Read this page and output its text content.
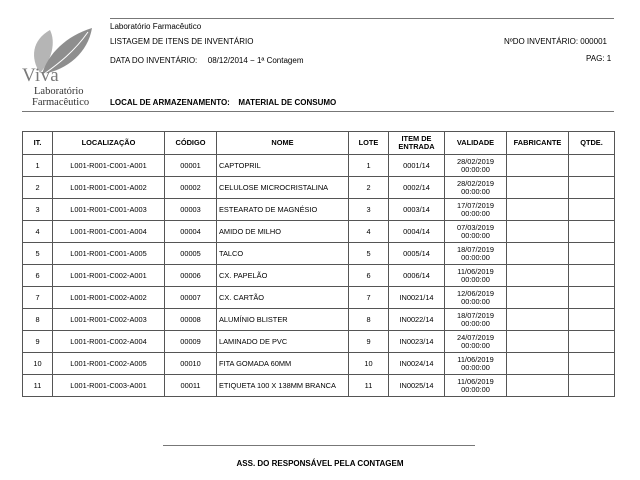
Viva
Laboratório
Farmacêutico
Laboratório Farmacêutico
LISTAGEM DE ITENS DE INVENTÁRIO
DATA DO INVENTÁRIO: 08/12/2014 − 1ª Contagem
NºDO INVENTÁRIO: 000001
PAG: 1
LOCAL DE ARMAZENAMENTO: MATERIAL DE CONSUMO
IT.	LOCALIZAÇÃO	CÓDIGO	NOME	LOTE	ITEM DE ENTRADA	VALIDADE	FABRICANTE	QTDE.
1	L001-R001-C001-A001	00001	CAPTOPRIL	1	0001/14	28/02/2019
00:00:00		

2	L001-R001-C001-A002	00002	CELULOSE MICROCRISTALINA	2	0002/14	28/02/2019
00:00:00		

3	L001-R001-C001-A003	00003	ESTEARATO DE MAGNÉSIO	3	0003/14	17/07/2019
00:00:00		

4	L001-R001-C001-A004	00004	AMIDO DE MILHO	4	0004/14	07/03/2019
00:00:00		

5	L001-R001-C001-A005	00005	TALCO	5	0005/14	18/07/2019
00:00:00		

6	L001-R001-C002-A001	00006	CX. PAPELÃO	6	0006/14	11/06/2019
00:00:00		

7	L001-R001-C002-A002	00007	CX. CARTÃO	7	IN0021/14	12/06/2019
00:00:00		

8	L001-R001-C002-A003	00008	ALUMÍNIO BLISTER	8	IN0022/14	18/07/2019
00:00:00		

9	L001-R001-C002-A004	00009	LAMINADO DE PVC	9	IN0023/14	24/07/2019
00:00:00		

10	L001-R001-C002-A005	00010	FITA GOMADA 60MM	10	IN0024/14	11/06/2019
00:00:00		

11	L001-R001-C003-A001	00011	ETIQUETA 100 X 138MM BRANCA	11	IN0025/14	11/06/2019
00:00:00		

ASS. DO RESPONSÁVEL PELA CONTAGEM
